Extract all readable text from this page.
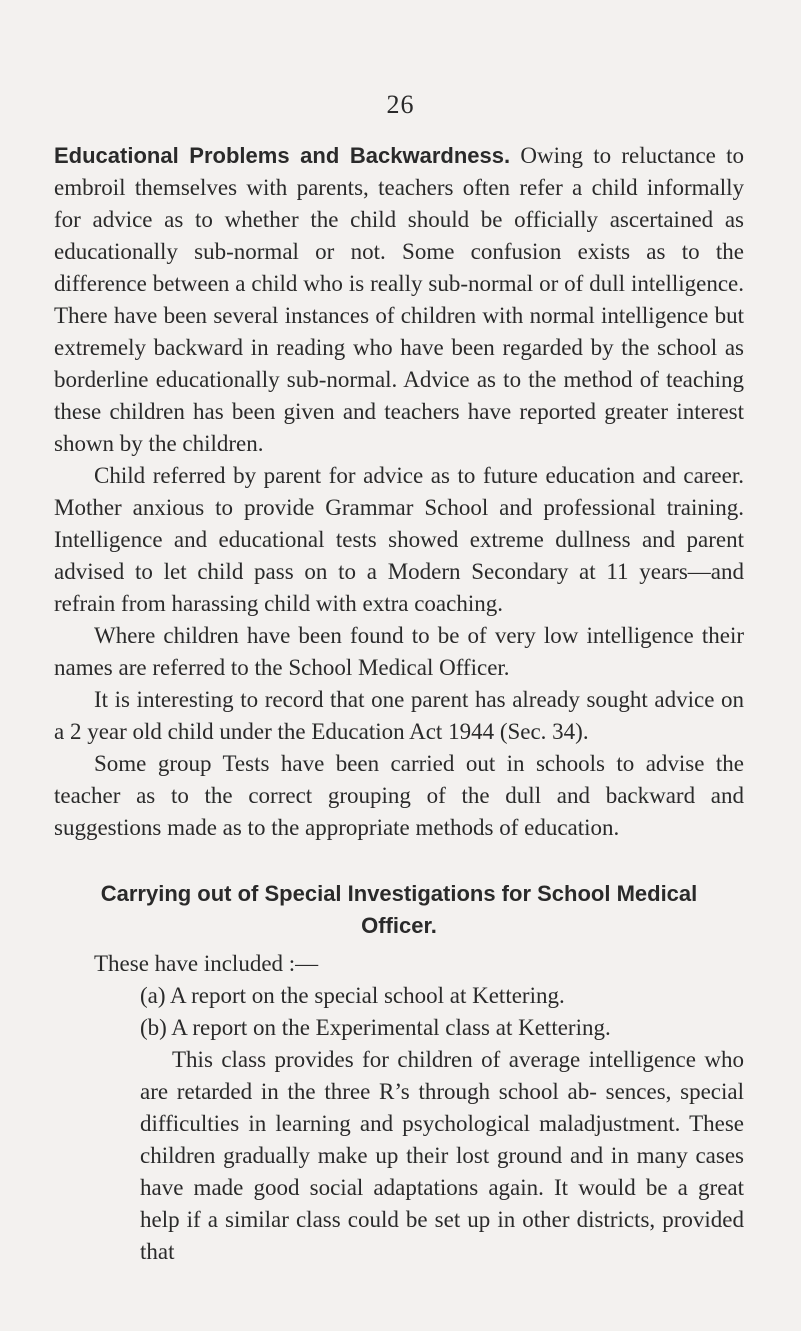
26

Educational Problems and Backwardness. Owing to reluctance to embroil themselves with parents, teachers often refer a child informally for advice as to whether the child should be officially ascertained as educationally sub-normal or not. Some confusion exists as to the difference between a child who is really sub-normal or of dull intelligence. There have been several instances of children with normal intelligence but extremely backward in reading who have been regarded by the school as borderline educationally sub-normal. Advice as to the method of teaching these children has been given and teachers have reported greater interest shown by the children.

Child referred by parent for advice as to future education and career. Mother anxious to provide Grammar School and professional training. Intelligence and educational tests showed extreme dullness and parent advised to let child pass on to a Modern Secondary at 11 years—and refrain from harassing child with extra coaching.

Where children have been found to be of very low intelligence their names are referred to the School Medical Officer.

It is interesting to record that one parent has already sought advice on a 2 year old child under the Education Act 1944 (Sec. 34).

Some group Tests have been carried out in schools to advise the teacher as to the correct grouping of the dull and backward and suggestions made as to the appropriate methods of education.

Carrying out of Special Investigations for School Medical
Officer.

These have included :—

(a) A report on the special school at Kettering.
(b) A report on the Experimental class at Kettering.

This class provides for children of average intelligence who are retarded in the three R’s through school ab- sences, special difficulties in learning and psychological maladjustment. These children gradually make up their lost ground and in many cases have made good social adaptations again. It would be a great help if a similar class could be set up in other districts, provided that
